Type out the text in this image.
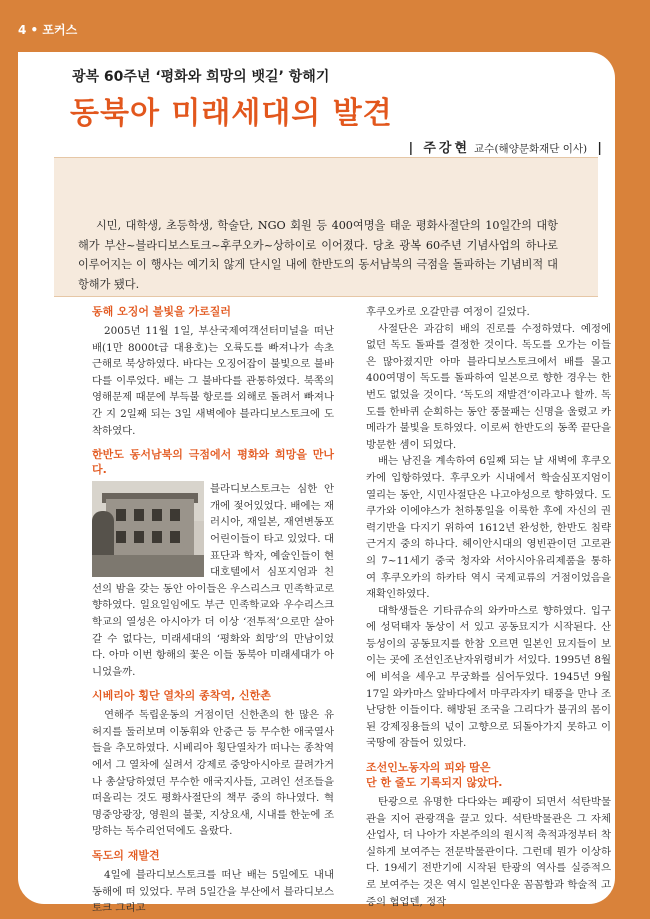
4 • 포커스
광복 60주년 ‘평화와 희망의 뱃길’ 항해기
동북아 미래세대의 발견
| 주강현 교수(해양문화재단 이사) |
시민, 대학생, 초등학생, 학술단, NGO 회원 등 400여명을 태운 평화사절단의 10일간의 대항해가 부산~블라디보스토크~후쿠오카~상하이로 이어졌다. 당초 광복 60주년 기념사업의 하나로 이루어지는 이 행사는 예기치 않게 단시일 내에 한반도의 동서남북의 극점을 돌파하는 기념비적 대항해가 됐다.
동해 오징어 불빛을 가로질러

2005년 11월 1일, 부산국제여객선터미널을 떠난 배(1만 8000t급 대용호)는 오륙도를 빠져나가 속초 근해로 북상하였다. 바다는 오징어잡이 불빛으로 불바다를 이루었다. 배는 그 불바다를 관통하였다. 북쪽의 영해문제 때문에 부득불 항로를 외해로 돌려서 빠져나간 지 2일째 되는 3일 새벽에야 블라디보스토크에 도착하였다.

한반도 동서남북의 극점에서 평화와 희망을 만나다.

블라디보스토크는 심한 안개에 젖어있었다. 배에는 재러시아, 재일본, 재연변동포 어린이들이 타고 있었다. 대표단과 학자, 예술인들이 현대호텔에서 심포지엄과 친선의 밤을 갖는 동안 아이들은 우스리스크 민족학교로 향하였다. 일요일임에도 부근 민족학교와 우수리스크 학교의 열성은 아시아가 더 이상 ‘전투적’으로만 살아갈 수 없다는, 미래세대의 ‘평화와 희망’의 만남이었다. 아마 이번 항해의 꽃은 이들 동북아 미래세대가 아니었을까.

시베리아 횡단 열차의 종착역, 신한촌

연해주 독립운동의 거점이던 신한촌의 한 많은 유허지를 둘러보며 이동휘와 안중근 등 무수한 애국열사들을 추모하였다. 시베리아 횡단열차가 떠나는 종착역에서 그 열차에 실려서 강제로 중앙아시아로 끌려가거나 총살당하였던 무수한 애국지사들, 고려인 선조들을 떠올리는 것도 평화사절단의 책무 중의 하나였다. 혁명중앙광장, 영원의 불꽃, 지상요새, 시내를 한눈에 조망하는 독수리언덕에도 올랐다.

독도의 재발견

4일에 블라디보스토크를 떠난 배는 5일에도 내내 동해에 떠 있었다. 무려 5일간을 부산에서 블라디보스토크 그리고

후쿠오카로 오갈만큼 여정이 길었다.

사절단은 과감히 배의 진로를 수정하였다. 예정에 없던 독도 돌파를 결정한 것이다. 독도를 오가는 이들은 많아졌지만 아마 블라디보스토크에서 배를 몰고 400여명이 독도를 돌파하여 일본으로 향한 경우는 한번도 없었을 것이다. ‘독도의 재발견’이라고나 할까. 독도를 한바퀴 순회하는 동안 풍물패는 신명을 울렸고 카메라가 불빛을 토하였다. 이로써 한반도의 동쪽 끝단을 방문한 셈이 되었다.

배는 남진을 계속하여 6일째 되는 날 새벽에 후쿠오카에 입항하였다. 후쿠오카 시내에서 학술심포지엄이 열리는 동안, 시민사절단은 나고야성으로 향하였다. 도쿠가와 이에야스가 천하통일을 이룩한 후에 자신의 권력기반을 다지기 위하여 1612년 완성한, 한반도 침략 근거지 중의 하나다. 헤이안시대의 영빈관이던 고로관의 7~11세기 중국 청자와 서아시아유리제품을 통하여 후쿠오카의 하카타 역시 국제교류의 거점이었음을 재확인하였다.

대학생들은 기타큐슈의 와카마스로 향하였다. 입구에 성덕태자 동상이 서 있고 공동묘지가 시작된다. 산등성이의 공동묘지를 한참 오르면 일본인 묘지들이 보이는 곳에 조선인조난자위령비가 서있다. 1995년 8월에 비석을 세우고 무궁화를 심어두었다. 1945년 9월17일 와카마스 앞바다에서 마쿠라자키 태풍을 만나 조난당한 이들이다. 해방된 조국을 그리다가 불귀의 몸이 된 강제징용들의 넋이 고향으로 되돌아가지 못하고 이국땅에 잠들어 있었다.

조선인노동자의 피와 땀은
단 한 줄도 기록되지 않았다.

탄광으로 유명한 다다와는 폐광이 되면서 석탄박물관을 지어 관광객을 끌고 있다. 석탄박물관은 그 자체 산업사, 더 나아가 자본주의의 원시적 축적과정부터 착실하게 보여주는 전문박물관이다. 그런데 뭔가 이상하다. 19세기 전반기에 시작된 탄광의 역사를 실증적으로 보여주는 것은 역시 일본인다운 꼼꼼함과 학술적 고증의 협업덴, 정작
